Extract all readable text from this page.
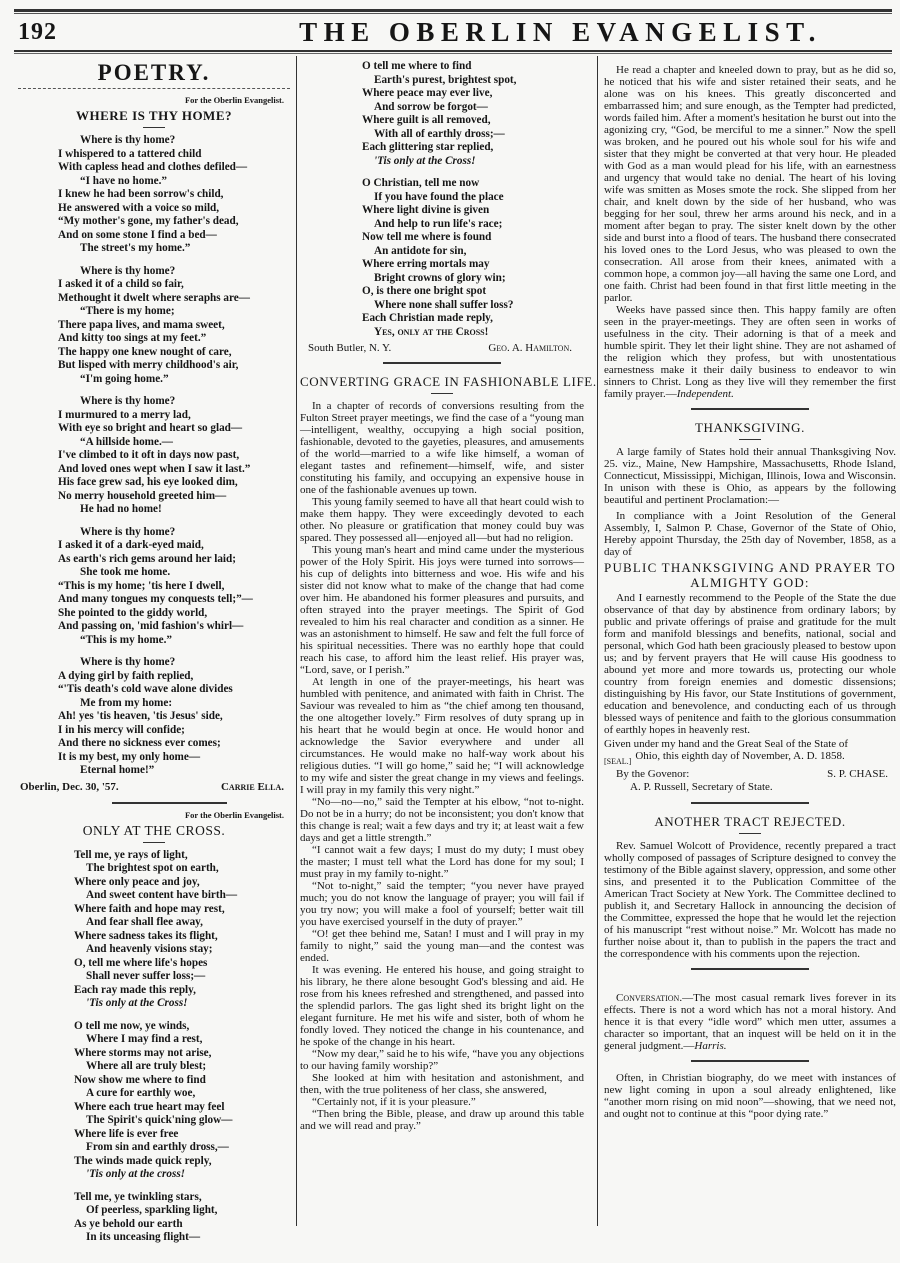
192	THE OBERLIN EVANGELIST.
POETRY.
For the Oberlin Evangelist.
WHERE IS THY HOME?
Where is thy home?
I whispered to a tattered child
With capless head and clothes defiled—
“I have no home.”
I knew he had been sorrow's child,
He answered with a voice so mild,
“My mother's gone, my father's dead,
And on some stone I find a bed—
The street's my home.”
Where is thy home?
I asked it of a child so fair,
Methought it dwelt where seraphs are—
“There is my home;
There papa lives, and mama sweet,
And kitty too sings at my feet.”
The happy one knew nought of care,
But lisped with merry childhood's air,
“I'm going home.”
Where is thy home?
I murmured to a merry lad,
With eye so bright and heart so glad—
“A hillside home.—
I've climbed to it oft in days now past,
And loved ones wept when I saw it last.”
His face grew sad, his eye looked dim,
No merry household greeted him—
He had no home!
Where is thy home?
I asked it of a dark-eyed maid,
As earth's rich gems around her laid;
She took me home.
“This is my home; 'tis here I dwell,
And many tongues my conquests tell;”—
She pointed to the giddy world,
And passing on, 'mid fashion's whirl—
“This is my home.”
Where is thy home?
A dying girl by faith replied,
“'Tis death's cold wave alone divides
Me from my home:
Ah! yes 'tis heaven, 'tis Jesus' side,
I in his mercy will confide;
And there no sickness ever comes;
It is my best, my only home—
Eternal home!”
Oberlin, Dec. 30, '57.	Carrie Ella.
For the Oberlin Evangelist.
ONLY AT THE CROSS.
Tell me, ye rays of light,
The brightest spot on earth,
Where only peace and joy,
And sweet content have birth—
Where faith and hope may rest,
And fear shall flee away,
Where sadness takes its flight,
And heavenly visions stay;
O, tell me where life's hopes
Shall never suffer loss;—
Each ray made this reply,
'Tis only at the Cross!
O tell me now, ye winds,
Where I may find a rest,
Where storms may not arise,
Where all are truly blest;
Now show me where to find
A cure for earthly woe,
Where each true heart may feel
The Spirit's quick'ning glow—
Where life is ever free
From sin and earthly dross,—
The winds made quick reply,
'Tis only at the cross!
Tell me, ye twinkling stars,
Of peerless, sparkling light,
As ye behold our earth
In its unceasing flight—
O tell me where to find
Earth's purest, brightest spot,
Where peace may ever live,
And sorrow be forgot—
Where guilt is all removed,
With all of earthly dross;—
Each glittering star replied,
'Tis only at the Cross!
O Christian, tell me now
If you have found the place
Where light divine is given
And help to run life's race;
Now tell me where is found
An antidote for sin,
Where erring mortals may
Bright crowns of glory win;
O, is there one bright spot
Where none shall suffer loss?
Each Christian made reply,
Yes, only at the Cross!
South Butler, N. Y.	Geo. A. Hamilton.
CONVERTING GRACE IN FASHIONABLE LIFE.

In a chapter of records of conversions resulting from the Fulton Street prayer meetings, we find the case of a “young man—intelligent, wealthy, occupying a high social position, fashionable, devoted to the gayeties, pleasures, and amusements of the world—married to a wife like himself, a woman of elegant tastes and refinement—himself, wife, and sister constituting his family, and occupying an expensive house in one of the fashionable avenues up town.

This young family seemed to have all that heart could wish to make them happy. They were exceedingly devoted to each other. No pleasure or gratification that money could buy was spared. They possessed all—enjoyed all—but had no religion.

This young man's heart and mind came under the mysterious power of the Holy Spirit. His joys were turned into sorrows—his cup of delights into bitterness and woe. His wife and his sister did not know what to make of the change that had come over him. He abandoned his former pleasures and pursuits, and often strayed into the prayer meetings. The Spirit of God revealed to him his real character and condition as a sinner. He was an astonishment to himself. He saw and felt the full force of his spiritual necessities. There was no earthly hope that could reach his case, to afford him the least relief. His prayer was, “Lord, save, or I perish.”

At length in one of the prayer-meetings, his heart was humbled with penitence, and animated with faith in Christ. The Saviour was revealed to him as “the chief among ten thousand, the one altogether lovely.” Firm resolves of duty sprang up in his heart that he would begin at once. He would honor and acknowledge the Savior everywhere and under all circumstances. He would make no half-way work about his religious duties. “I will go home,” said he; “I will acknowledge to my wife and sister the great change in my views and feelings. I will pray in my family this very night.”

“No—no—no,” said the Tempter at his elbow, “not to-night. Do not be in a hurry; do not be inconsistent; you don't know that this change is real; wait a few days and try it; at least wait a few days and get a little strength.”

“I cannot wait a few days; I must do my duty; I must obey the master; I must tell what the Lord has done for my soul; I must pray in my family to-night.”

“Not to-night,” said the tempter; “you never have prayed much; you do not know the language of prayer; you will fail if you try now; you will make a fool of yourself; better wait till you have exercised yourself in the duty of prayer.”

“O! get thee behind me, Satan! I must and I will pray in my family to night,” said the young man—and the contest was ended.

It was evening. He entered his house, and going straight to his library, he there alone besought God's blessing and aid. He rose from his knees refreshed and strengthened, and passed into the splendid parlors. The gas light shed its bright light on the elegant furniture. He met his wife and sister, both of whom he fondly loved. They noticed the change in his countenance, and he spoke of the change in his heart.

“Now my dear,” said he to his wife, “have you any objections to our having family worship?”

She looked at him with hesitation and astonishment, and then, with the true politeness of her class, she answered,

“Certainly not, if it is your pleasure.”

“Then bring the Bible, please, and draw up around this table and we will read and pray.”

He read a chapter and kneeled down to pray, but as he did so, he noticed that his wife and sister retained their seats, and he alone was on his knees. This greatly disconcerted and embarrassed him; and sure enough, as the Tempter had predicted, words failed him. After a moment's hesitation he burst out into the agonizing cry, “God, be merciful to me a sinner.” Now the spell was broken, and he poured out his whole soul for his wife and sister that they might be converted at that very hour. He pleaded with God as a man would plead for his life, with an earnestness and urgency that would take no denial. The heart of his loving wife was smitten as Moses smote the rock. She slipped from her chair, and knelt down by the side of her husband, who was begging for her soul, threw her arms around his neck, and in a moment after began to pray. The sister knelt down by the other side and burst into a flood of tears. The husband there consecrated his loved ones to the Lord Jesus, who was pleased to own the consecration. All arose from their knees, animated with a common hope, a common joy—all having the same one Lord, and one faith. Christ had been found in that first little meeting in the parlor.

Weeks have passed since then. This happy family are often seen in the prayer-meetings. They are often seen in works of usefulness in the city. Their adorning is that of a meek and humble spirit. They let their light shine. They are not ashamed of the religion which they profess, but with unostentatious earnestness make it their daily business to endeavor to win sinners to Christ. Long as they live will they remember the first family prayer.—Independent.

THANKSGIVING.

A large family of States hold their annual Thanksgiving Nov. 25. viz., Maine, New Hampshire, Massachusetts, Rhode Island, Connecticut, Mississippi, Michigan, Illinois, Iowa and Wisconsin. In unison with these is Ohio, as appears by the following beautiful and pertinent Proclamation:—

In compliance with a Joint Resolution of the General Assembly, I, Salmon P. Chase, Governor of the State of Ohio, Hereby appoint Thursday, the 25th day of November, 1858, as a day of

PUBLIC THANKSGIVING AND PRAYER TO ALMIGHTY GOD:

And I earnestly recommend to the People of the State the due observance of that day by abstinence from ordinary labors; by public and private offerings of praise and gratitude for the mult form and manifold blessings and benefits, national, social and personal, which God hath been graciously pleased to bestow upon us; and by fervent prayers that He will cause His goodness to abound yet more and more towards us, protecting our whole country from foreign enemies and domestic dissensions; distinguishing by His favor, our State Institutions of government, education and benevolence, and conducting each of us through blessed ways of penitence and faith to the glorious consummation of earthly hopes in heavenly rest.

Given under my hand and the Great Seal of the State of
[SEAL.] Ohio, this eighth day of November, A. D. 1858.
By the Govenor:	S. P. CHASE.
A. P. Russell, Secretary of State.
ANOTHER TRACT REJECTED.

Rev. Samuel Wolcott of Providence, recently prepared a tract wholly composed of passages of Scripture designed to convey the testimony of the Bible against slavery, oppression, and some other sins, and presented it to the Publication Committee of the American Tract Society at New York. The Committee declined to publish it, and Secretary Hallock in announcing the decision of the Committee, expressed the hope that he would let the rejection of his manuscript “rest without noise.” Mr. Wolcott has made no further noise about it, than to publish in the papers the tract and the correspondence with his comments upon the rejection.

Conversation.—The most casual remark lives forever in its effects. There is not a word which has not a moral history. And hence it is that every “idle word” which men utter, assumes a character so important, that an inquest will be held on it in the general judgment.—Harris.

Often, in Christian biography, do we meet with instances of new light coming in upon a soul already enlightened, like “another morn rising on mid noon”—showing, that we need not, and ought not to continue at this “poor dying rate.”
